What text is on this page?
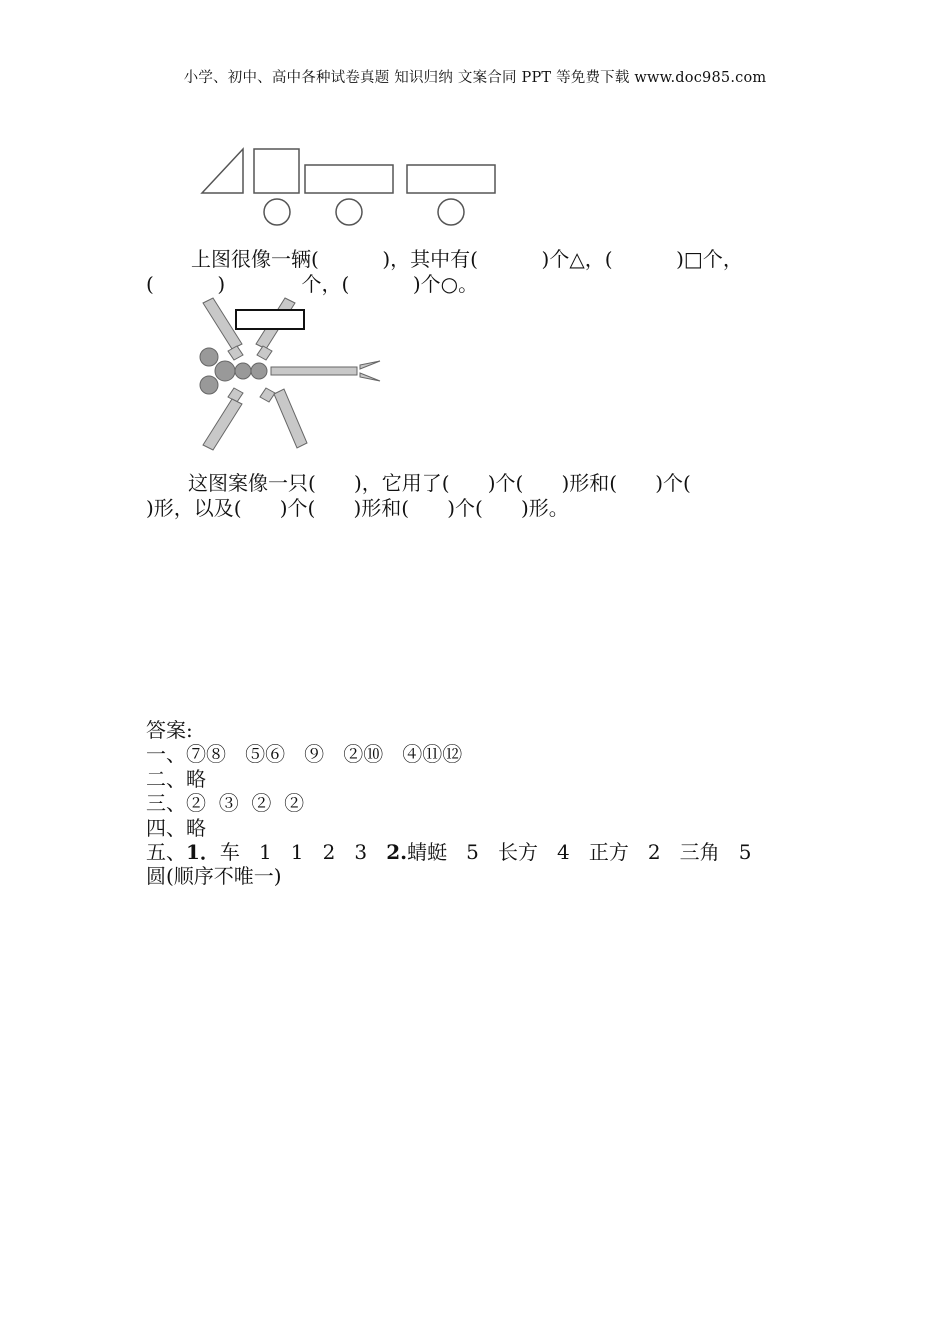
小学、初中、高中各种试卷真题 知识归纳 文案合同 PPT 等免费下载 www.doc985.com
上图很像一辆(          )，其中有(          )个△，(          )□个，
(          )            个，(          )个○。
这图案像一只(      )，它用了(      )个(      )形和(      )个(
)形，以及(      )个(      )形和(      )个(      )形。
答案:
一、⑦⑧   ⑤⑥   ⑨   ②⑩   ④⑪⑫
二、略
三、②  ③  ②  ②
四、略
五、1．车   1   1   2   3   2.蜻蜓   5   长方   4   正方   2   三角   5
圆(顺序不唯一)
